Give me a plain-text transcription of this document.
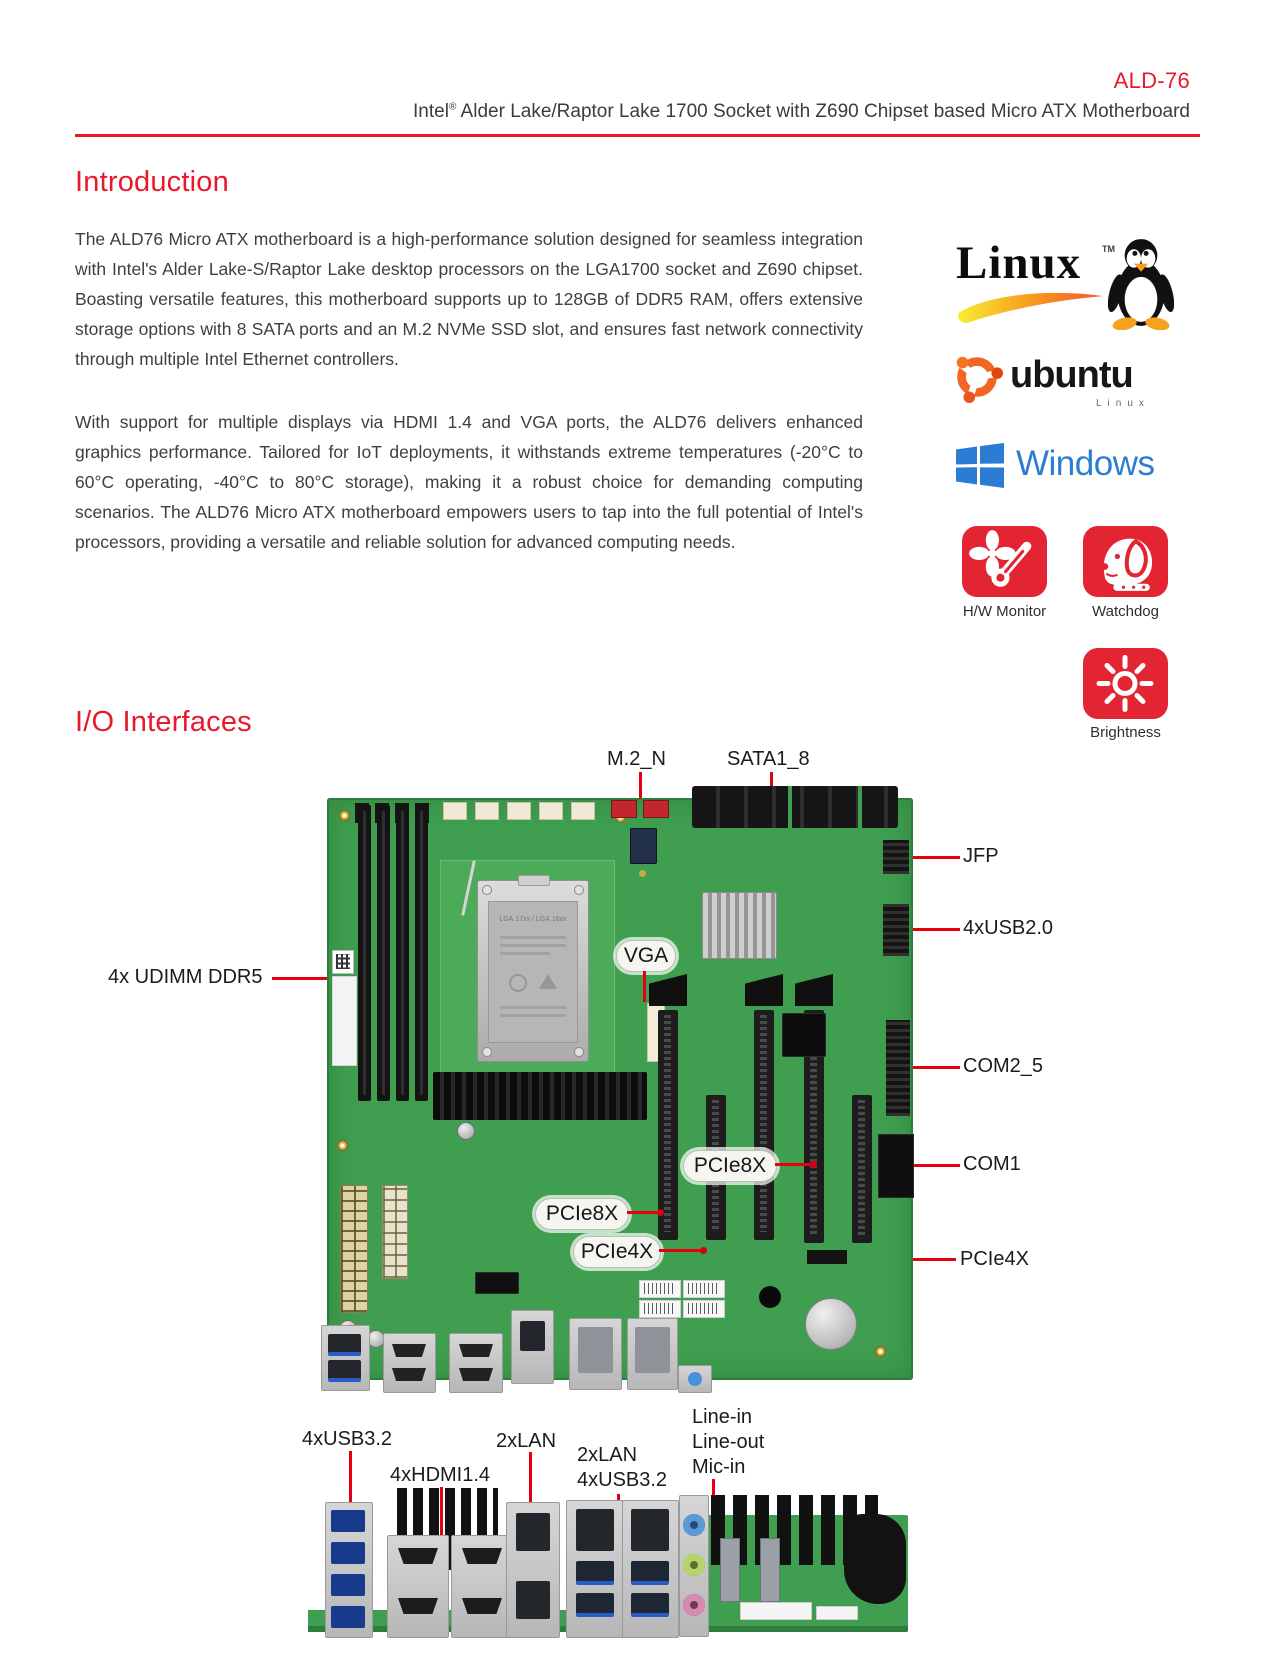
ALD-76
Intel® Alder Lake/Raptor Lake 1700 Socket with Z690 Chipset based Micro ATX Motherboard
Introduction

The ALD76 Micro ATX motherboard is a high-performance solution designed for seamless integration with Intel's Alder Lake-S/Raptor Lake desktop processors on the LGA1700 socket and Z690 chipset. Boasting versatile features, this motherboard supports up to 128GB of DDR5 RAM, offers extensive storage options with 8 SATA ports and an M.2 NVMe SSD slot, and ensures fast network connectivity through multiple Intel Ethernet controllers.

With support for multiple displays via HDMI 1.4 and VGA ports, the ALD76 delivers enhanced graphics performance. Tailored for IoT deployments, it withstands extreme temperatures (-20°C to 60°C operating, -40°C to 80°C storage), making it a robust choice for demanding computing scenarios. The ALD76 Micro ATX motherboard empowers users to tap into the full potential of Intel's processors, providing a versatile and reliable solution for advanced computing needs.

Linux TM
ubuntu
Linux
Windows
H/W Monitor	Watchdog
Brightness
I/O Interfaces
M.2_N	SATA1_8
JFP
4xUSB2.0
COM2_5
COM1
PCIe4X
4x UDIMM DDR5
LGA.17xx / LGA.16xx
VGA
PCIe8X
PCIe8X
PCIe4X
4xUSB3.2
4xHDMI1.4
2xLAN
2xLAN
4xUSB3.2
Line-in
Line-out
Mic-in
